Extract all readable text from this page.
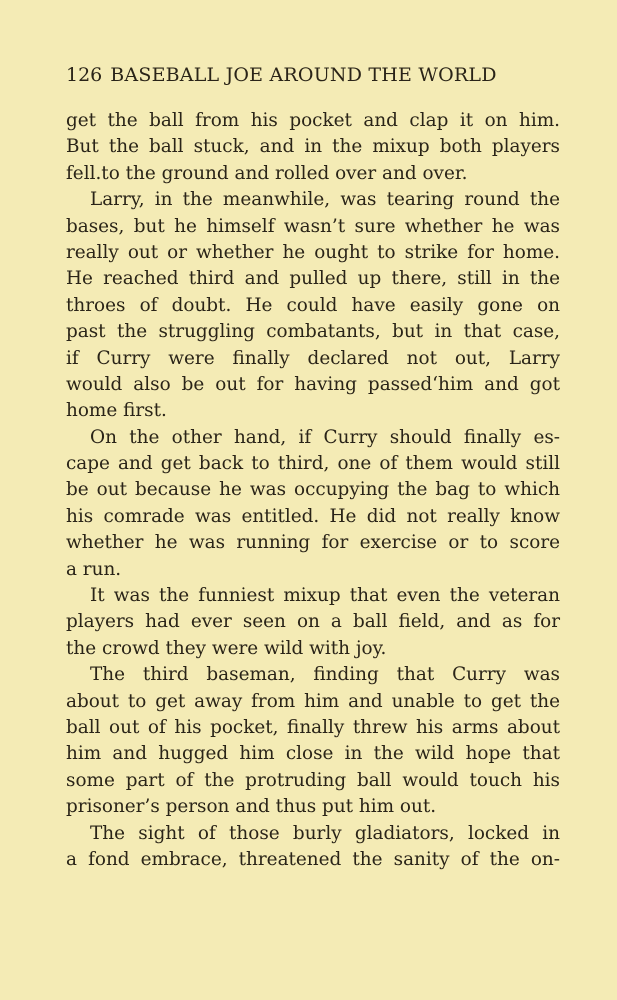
126 BASEBALL JOE AROUND THE WORLD
get the ball from his pocket and clap it on him.
But the ball stuck, and in the mixup both players
fell.to the ground and rolled over and over.
Larry, in the meanwhile, was tearing round the
bases, but he himself wasn’t sure whether he was
really out or whether he ought to strike for home.
He reached third and pulled up there, still in the
throes of doubt. He could have easily gone on
past the struggling combatants, but in that case,
if Curry were finally declared not out, Larry
would also be out for having passed‘him and got
home first.
On the other hand, if Curry should finally es-
cape and get back to third, one of them would still
be out because he was occupying the bag to which
his comrade was entitled. He did not really know
whether he was running for exercise or to score
a run.
It was the funniest mixup that even the veteran
players had ever seen on a ball field, and as for
the crowd they were wild with joy.
The third baseman, finding that Curry was
about to get away from him and unable to get the
ball out of his pocket, finally threw his arms about
him and hugged him close in the wild hope that
some part of the protruding ball would touch his
prisoner’s person and thus put him out.
The sight of those burly gladiators, locked in
a fond embrace, threatened the sanity of the on-
